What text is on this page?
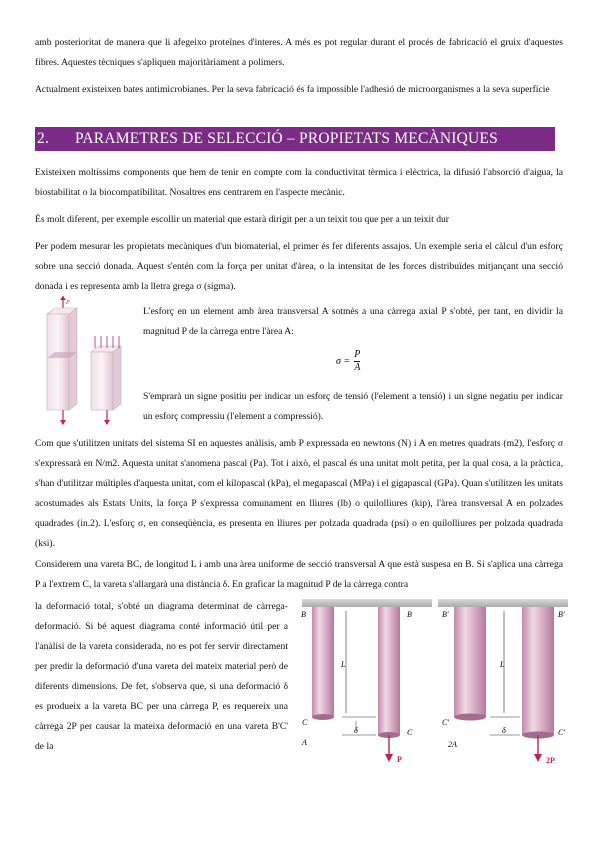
amb posterioritat de manera que li afegeixo proteïnes d'interes. A més es pot regular durant el procés de fabricació el gruix d'aquestes fibres. Aquestes tècniques s'apliquen majoritàriament a polímers.

Actualment existeixen bates antimicrobianes. Per la seva fabricació és fa impossible l'adhesió de microorganismes a la seva superfície

2. PARAMETRES DE SELECCIÓ – PROPIETATS MECÀNIQUES

Existeixen moltíssims components que hem de tenir en compte com la conductivitat tèrmica i elèctrica, la difusió l'absorció d'aigua, la biostabilitat o la biocompatibilitat. Nosaltres ens centrarem en l'aspecte mecànic.

És molt diferent, per exemple escollir un material que estarà dirigit per a un teixit tou que per a un teixit dur

Per podem mesurar les propietats mecàniques d'un biomaterial, el primer és fer diferents assajos. Un exemple seria el càlcul d'un esforç sobre una secció donada. Aquest s'entén com la força per unitat d'àrea, o la intensitat de les forces distribuïdes mitjançant una secció donada i es representa amb la lletra grega σ (sigma).

P

L'esforç en un element amb àrea transversal A sotmès a una càrrega axial P s'obté, per tant, en dividir la magnitud P de la càrrega entre l'àrea A:

$\sigma = \frac{P}{A}$

S'emprarà un signe positiu per indicar un esforç de tensió (l'element a tensió) i un signe negatiu per indicar un esforç compressiu (l'element a compressió).

Com que s'utilitzen unitats del sistema SI en aquestes anàlisis, amb P expressada en newtons (N) i A en metres quadrats (m2), l'esforç σ s'expressarà en N/m2. Aquesta unitat s'anomena pascal (Pa). Tot i això, el pascal és una unitat molt petita, per la qual cosa, a la pràctica, s'han d'utilitzar múltiples d'aquesta unitat, com el kilopascal (kPa), el megapascal (MPa) i el gigapascal (GPa). Quan s'utilitzen les unitats acostumades als Estats Units, la força P s'expressa comunament en lliures (lb) o quilolliures (kip), l'àrea transversal A en polzades quadrades (in.2). L'esforç σ, en conseqüència, es presenta en lliures per polzada quadrada (psi) o en quilolliures per polzada quadrada (ksi).

Considerem una vareta BC, de longitud L i amb una àrea uniforme de secció transversal A que està suspesa en B. Si s'aplica una càrrega P a l'extrem C, la vareta s'allargarà una distància δ. En graficar la magnitud P de la càrrega contra

la deformació total, s'obté un diagrama determinat de càrrega-deformació. Si bé aquest diagrama conté informació útil per a l'anàlisi de la vareta considerada, no es pot fer servir directament per predir la deformació d'una vareta del mateix material però de diferents dimensions. De fet, s'observa que, si una deformació δ es produeix a la vareta BC per una càrrega P, es requereix una càrrega 2P per causar la mateixa deformació en una vareta B'C' de la

P
L
δ
B
C
A
B
C
2P
L
δ
B'
C'
2A
B'
C'
